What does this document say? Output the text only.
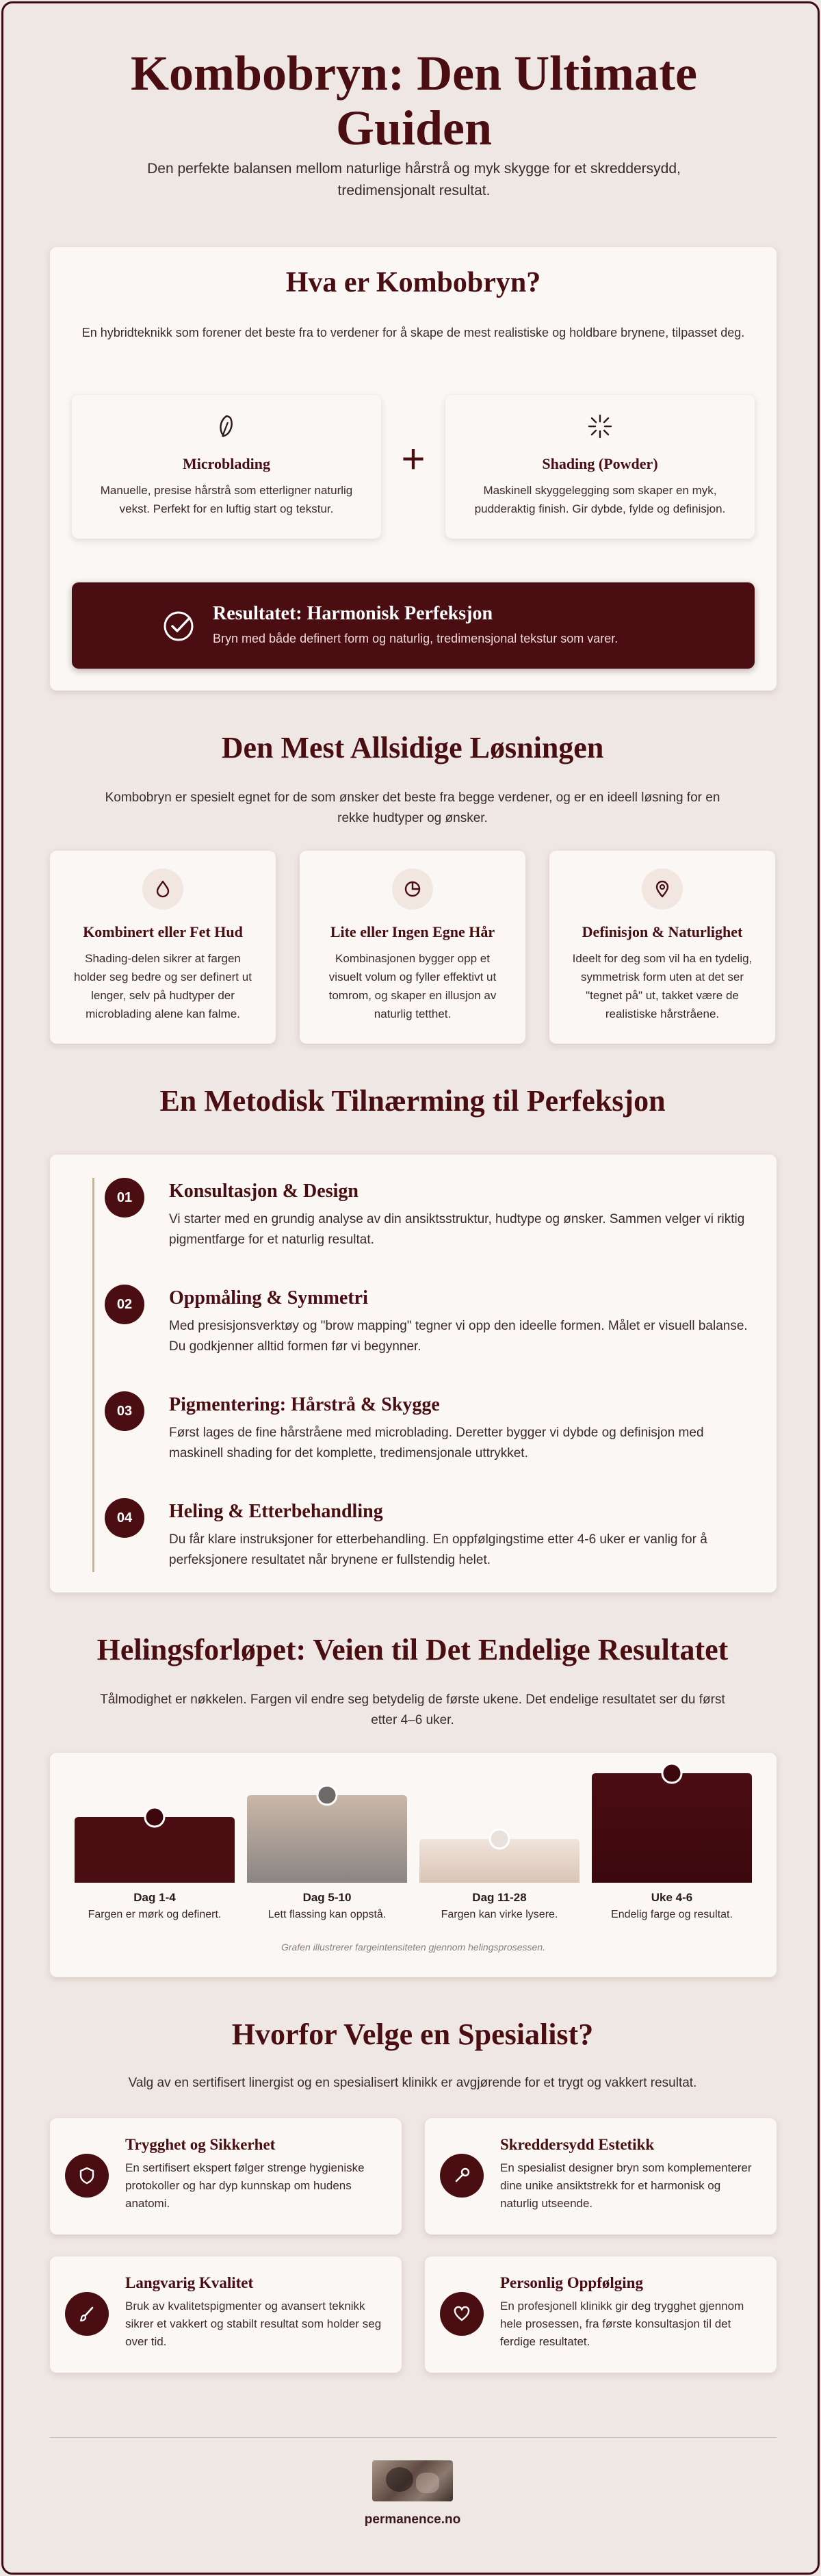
Kombobryn: Den Ultimate Guiden

Den perfekte balansen mellom naturlige hårstrå og myk skygge for et skreddersydd, tredimensjonalt resultat.

Hva er Kombobryn?
En hybridteknikk som forener det beste fra to verdener for å skape de mest realistiske og holdbare brynene, tilpasset deg.
Microblading
Manuelle, presise hårstrå som etterligner naturlig vekst. Perfekt for en luftig start og tekstur.
+	Shading (Powder)
Maskinell skyggelegging som skaper en myk, pudderaktig finish. Gir dybde, fylde og definisjon.
Resultatet: Harmonisk Perfeksjon
Bryn med både definert form og naturlig, tredimensjonal tekstur som varer.
Den Mest Allsidige Løsningen
Kombobryn er spesielt egnet for de som ønsker det beste fra begge verdener, og er en ideell løsning for en rekke hudtyper og ønsker.
Kombinert eller Fet Hud
Shading-delen sikrer at fargen holder seg bedre og ser definert ut lenger, selv på hudtyper der microblading alene kan falme.
Lite eller Ingen Egne Hår
Kombinasjonen bygger opp et visuelt volum og fyller effektivt ut tomrom, og skaper en illusjon av naturlig tetthet.
Definisjon & Naturlighet
Ideelt for deg som vil ha en tydelig, symmetrisk form uten at det ser "tegnet på" ut, takket være de realistiske hårstråene.
En Metodisk Tilnærming til Perfeksjon
01	Konsultasjon & Design
Vi starter med en grundig analyse av din ansiktsstruktur, hudtype og ønsker. Sammen velger vi riktig pigmentfarge for et naturlig resultat.
02	Oppmåling & Symmetri
Med presisjonsverktøy og "brow mapping" tegner vi opp den ideelle formen. Målet er visuell balanse. Du godkjenner alltid formen før vi begynner.
03	Pigmentering: Hårstrå & Skygge
Først lages de fine hårstråene med microblading. Deretter bygger vi dybde og definisjon med maskinell shading for det komplette, tredimensjonale uttrykket.
04	Heling & Etterbehandling
Du får klare instruksjoner for etterbehandling. En oppfølgingstime etter 4-6 uker er vanlig for å perfeksjonere resultatet når brynene er fullstendig helet.
Helingsforløpet: Veien til Det Endelige Resultatet
Tålmodighet er nøkkelen. Fargen vil endre seg betydelig de første ukene. Det endelige resultatet ser du først etter 4–6 uker.
Dag 1-4
Fargen er mørk og definert.
Dag 5-10
Lett flassing kan oppstå.
Dag 11-28
Fargen kan virke lysere.
Uke 4-6
Endelig farge og resultat.
Grafen illustrerer fargeintensiteten gjennom helingsprosessen.
Hvorfor Velge en Spesialist?
Valg av en sertifisert linergist og en spesialisert klinikk er avgjørende for et trygt og vakkert resultat.
Trygghet og Sikkerhet
En sertifisert ekspert følger strenge hygieniske protokoller og har dyp kunnskap om hudens anatomi.
Skreddersydd Estetikk
En spesialist designer bryn som komplementerer dine unike ansiktstrekk for et harmonisk og naturlig utseende.
Langvarig Kvalitet
Bruk av kvalitetspigmenter og avansert teknikk sikrer et vakkert og stabilt resultat som holder seg over tid.
Personlig Oppfølging
En profesjonell klinikk gir deg trygghet gjennom hele prosessen, fra første konsultasjon til det ferdige resultatet.
permanence.no
